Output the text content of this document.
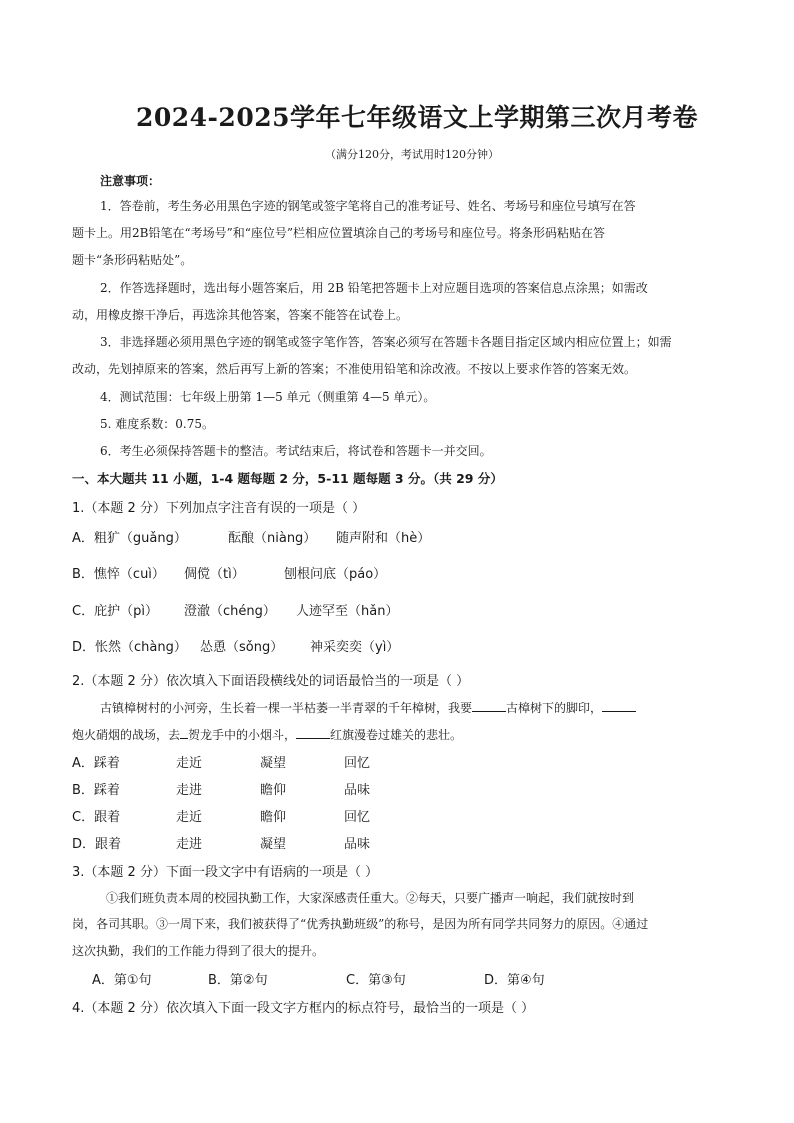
2024-2025学年七年级语文上学期第三次月考卷
（满分120分，考试用时120分钟）
注意事项：
1．答卷前，考生务必用黑色字迹的钢笔或签字笔将自己的准考证号、姓名、考场号和座位号填写在答
题卡上。用2B铅笔在“考场号”和“座位号”栏相应位置填涂自己的考场号和座位号。将条形码粘贴在答
题卡“条形码粘贴处”。
2．作答选择题时，选出每小题答案后，用 2B 铅笔把答题卡上对应题目选项的答案信息点涂黑；如需改
动，用橡皮擦干净后，再选涂其他答案，答案不能答在试卷上。
3．非选择题必须用黑色字迹的钢笔或签字笔作答，答案必须写在答题卡各题目指定区域内相应位置上；如需
改动，先划掉原来的答案，然后再写上新的答案；不准使用铅笔和涂改液。不按以上要求作答的答案无效。
4．测试范围：七年级上册第 1—5 单元（侧重第 4—5 单元）。
5. 难度系数：0.75。
6．考生必须保持答题卡的整洁。考试结束后，将试卷和答题卡一并交回。
一、本大题共 11 小题，1-4 题每题 2 分，5-11 题每题 3 分。（共 29 分）
1.（本题 2 分）下列加点字注音有误的一项是（ ）
A．粗犷（guǎng）	酝酿（niàng） 随声附和（hè）
B．憔悴（cuì） 倜傥（tì）	刨根问底（páo）
C．庇护（pì） 澄澈（chéng） 人迹罕至（hǎn）
D．怅然（chàng） 怂恿（sǒng） 神采奕奕（yì）
2.（本题 2 分）依次填入下面语段横线处的词语最恰当的一项是（ ）
古镇樟树村的小河旁，生长着一棵一半枯萎一半青翠的千年樟树，我要	古樟树下的脚印，
炮火硝烟的战场，去 贺龙手中的小烟斗，	红旗漫卷过雄关的悲壮。
A．踩着	走近	凝望	回忆
B．踩着	走进	瞻仰	品味
C．跟着	走近	瞻仰	回忆
D．跟着	走进	凝望	品味
3.（本题 2 分）下面一段文字中有语病的一项是（ ）
①我们班负责本周的校园执勤工作，大家深感责任重大。②每天，只要广播声一响起，我们就按时到
岗，各司其职。③一周下来，我们被获得了“优秀执勤班级”的称号，是因为所有同学共同努力的原因。④通过
这次执勤，我们的工作能力得到了很大的提升。
A．第①句	B．第②句	C．第③句	D．第④句
4.（本题 2 分）依次填入下面一段文字方框内的标点符号，最恰当的一项是（ ）
